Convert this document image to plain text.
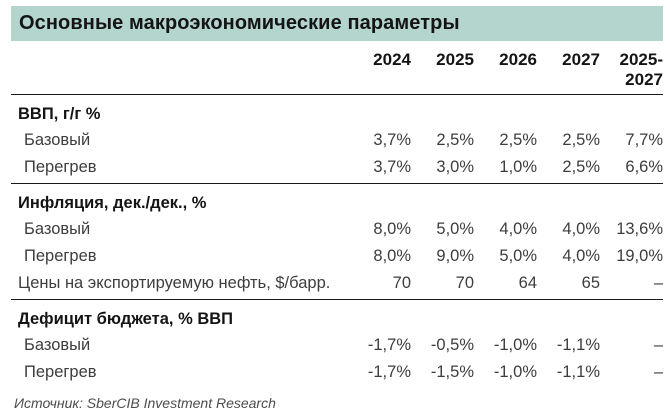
Основные макроэкономические параметры
	2024	2025	2026	2027	2025-2027
ВВП, г/г %					
Базовый	3,7%	2,5%	2,5%	2,5%	7,7%
Перегрев	3,7%	3,0%	1,0%	2,5%	6,6%
Инфляция, дек./дек., %					
Базовый	8,0%	5,0%	4,0%	4,0%	13,6%
Перегрев	8,0%	9,0%	5,0%	4,0%	19,0%
Цены на экспортируемую нефть, $/барр.	70	70	64	65	–
Дефицит бюджета, % ВВП					
Базовый	-1,7%	-0,5%	-1,0%	-1,1%	–
Перегрев	-1,7%	-1,5%	-1,0%	-1,1%	–
Источник: SberCIB Investment Research
